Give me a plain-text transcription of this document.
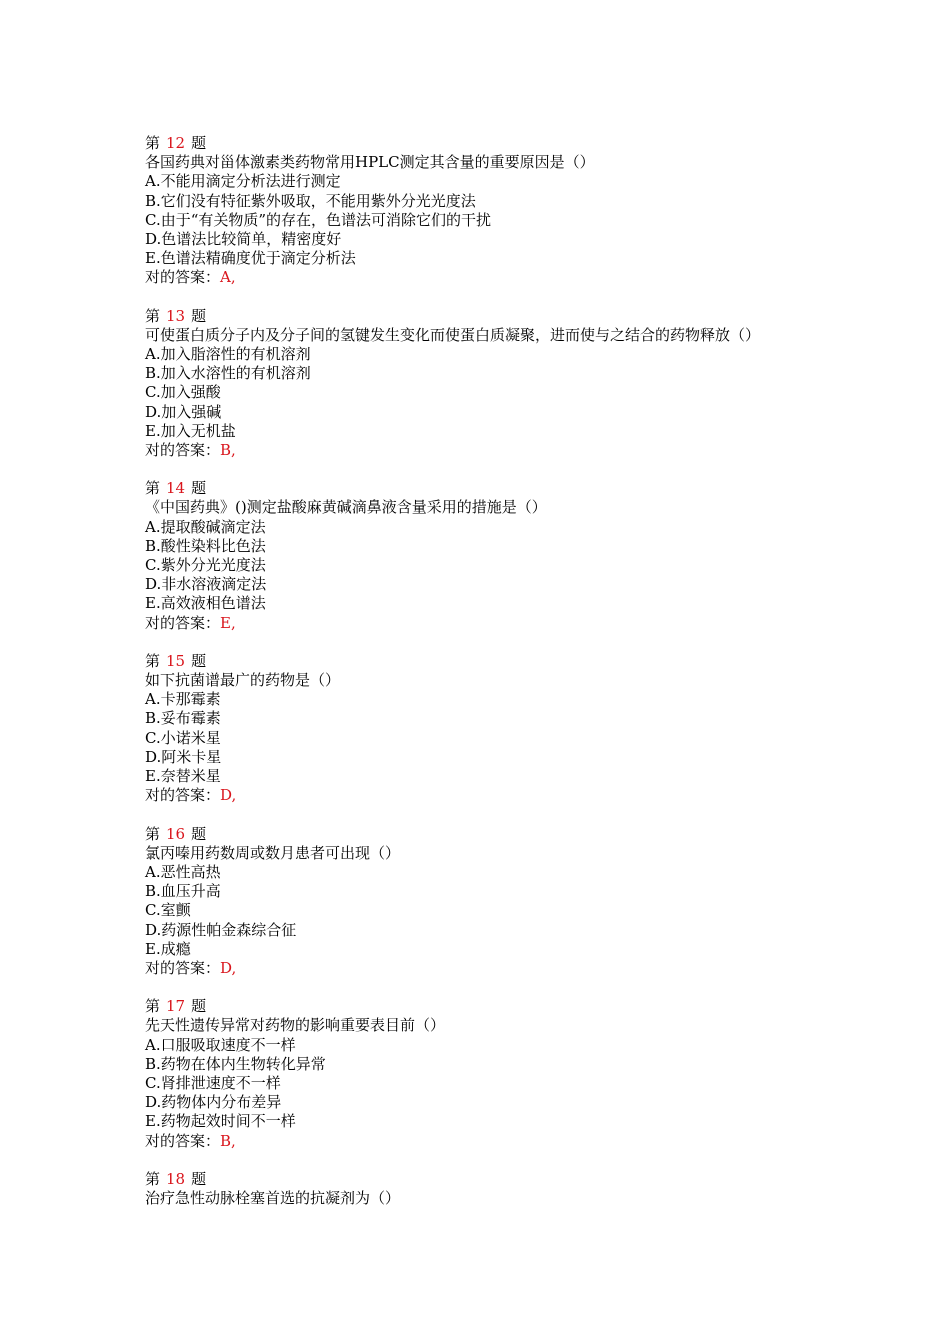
第 12 题
各国药典对甾体激素类药物常用HPLC测定其含量的重要原因是（）
A.不能用滴定分析法进行测定
B.它们没有特征紫外吸取，不能用紫外分光光度法
C.由于“有关物质”的存在，色谱法可消除它们的干扰
D.色谱法比较简单，精密度好
E.色谱法精确度优于滴定分析法
对的答案：A,
第 13 题
可使蛋白质分子内及分子间的氢键发生变化而使蛋白质凝聚，进而使与之结合的药物释放（）
A.加入脂溶性的有机溶剂
B.加入水溶性的有机溶剂
C.加入强酸
D.加入强碱
E.加入无机盐
对的答案：B,
第 14 题
《中国药典》()测定盐酸麻黄碱滴鼻液含量采用的措施是（）
A.提取酸碱滴定法
B.酸性染料比色法
C.紫外分光光度法
D.非水溶液滴定法
E.高效液相色谱法
对的答案：E,
第 15 题
如下抗菌谱最广的药物是（）
A.卡那霉素
B.妥布霉素
C.小诺米星
D.阿米卡星
E.奈替米星
对的答案：D,
第 16 题
氯丙嗪用药数周或数月患者可出现（）
A.恶性高热
B.血压升高
C.室颤
D.药源性帕金森综合征
E.成瘾
对的答案：D,
第 17 题
先天性遗传异常对药物的影响重要表目前（）
A.口服吸取速度不一样
B.药物在体内生物转化异常
C.肾排泄速度不一样
D.药物体内分布差异
E.药物起效时间不一样
对的答案：B,
第 18 题
治疗急性动脉栓塞首选的抗凝剂为（）
